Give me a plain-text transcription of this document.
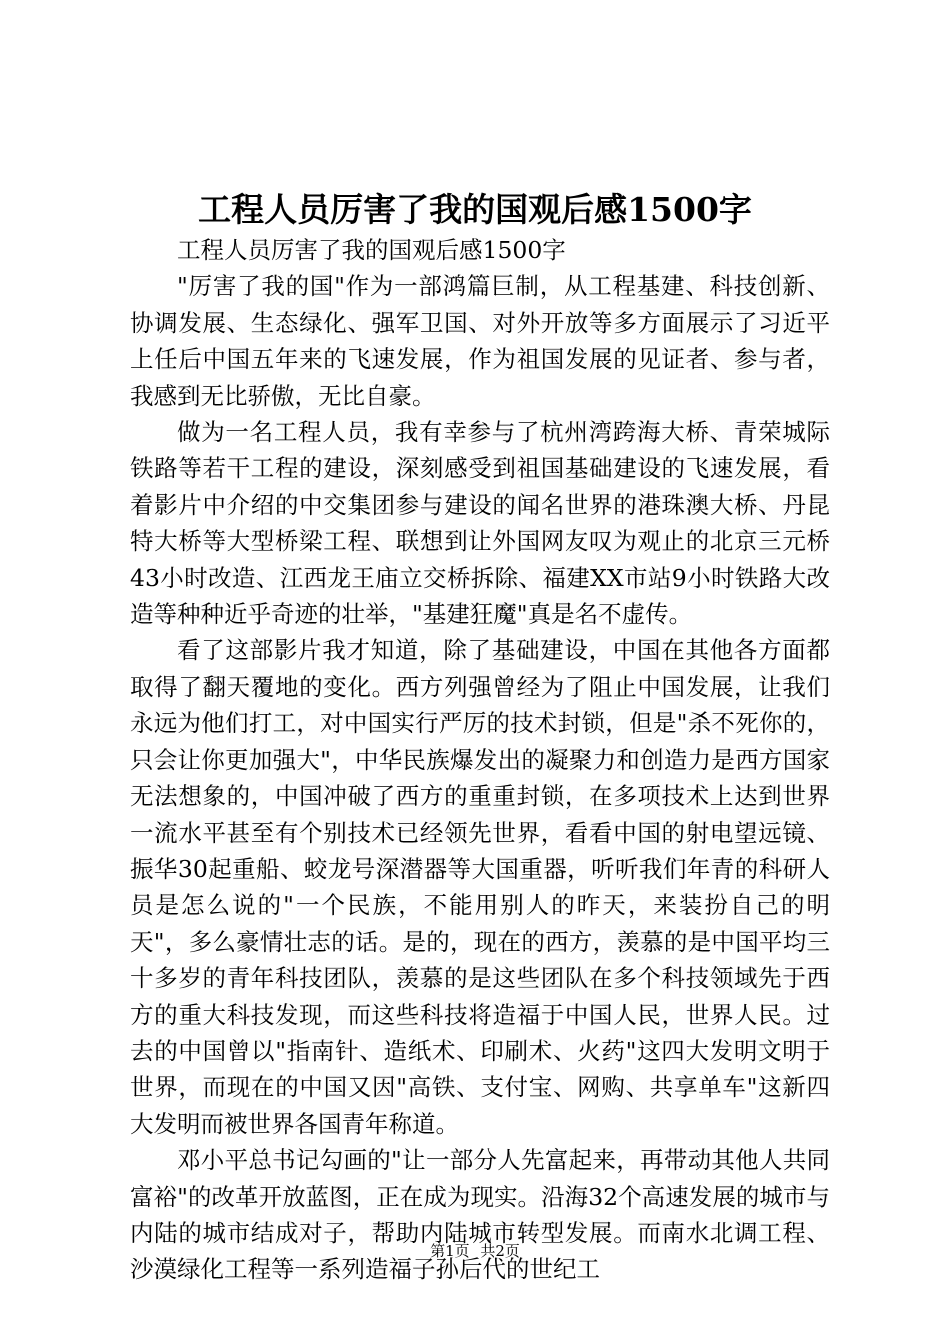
工程人员厉害了我的国观后感1500字

工程人员厉害了我的国观后感1500字

"厉害了我的国"作为一部鸿篇巨制，从工程基建、科技创新、协调发展、生态绿化、强军卫国、对外开放等多方面展示了习近平上任后中国五年来的飞速发展，作为祖国发展的见证者、参与者，我感到无比骄傲，无比自豪。

做为一名工程人员，我有幸参与了杭州湾跨海大桥、青荣城际铁路等若干工程的建设，深刻感受到祖国基础建设的飞速发展，看着影片中介绍的中交集团参与建设的闻名世界的港珠澳大桥、丹昆特大桥等大型桥梁工程、联想到让外国网友叹为观止的北京三元桥43小时改造、江西龙王庙立交桥拆除、福建XX市站9小时铁路大改造等种种近乎奇迹的壮举，"基建狂魔"真是名不虚传。

看了这部影片我才知道，除了基础建设，中国在其他各方面都取得了翻天覆地的变化。西方列强曾经为了阻止中国发展，让我们永远为他们打工，对中国实行严厉的技术封锁，但是"杀不死你的，只会让你更加强大"，中华民族爆发出的凝聚力和创造力是西方国家无法想象的，中国冲破了西方的重重封锁，在多项技术上达到世界一流水平甚至有个别技术已经领先世界，看看中国的射电望远镜、振华30起重船、蛟龙号深潜器等大国重器，听听我们年青的科研人员是怎么说的"一个民族，不能用别人的昨天，来装扮自己的明天"，多么豪情壮志的话。是的，现在的西方，羡慕的是中国平均三十多岁的青年科技团队，羡慕的是这些团队在多个科技领域先于西方的重大科技发现，而这些科技将造福于中国人民，世界人民。过去的中国曾以"指南针、造纸术、印刷术、火药"这四大发明文明于世界，而现在的中国又因"高铁、支付宝、网购、共享单车"这新四大发明而被世界各国青年称道。

邓小平总书记勾画的"让一部分人先富起来，再带动其他人共同富裕"的改革开放蓝图，正在成为现实。沿海32个高速发展的城市与内陆的城市结成对子，帮助内陆城市转型发展。而南水北调工程、沙漠绿化工程等一系列造福子孙后代的世纪工

第1页 共2页
